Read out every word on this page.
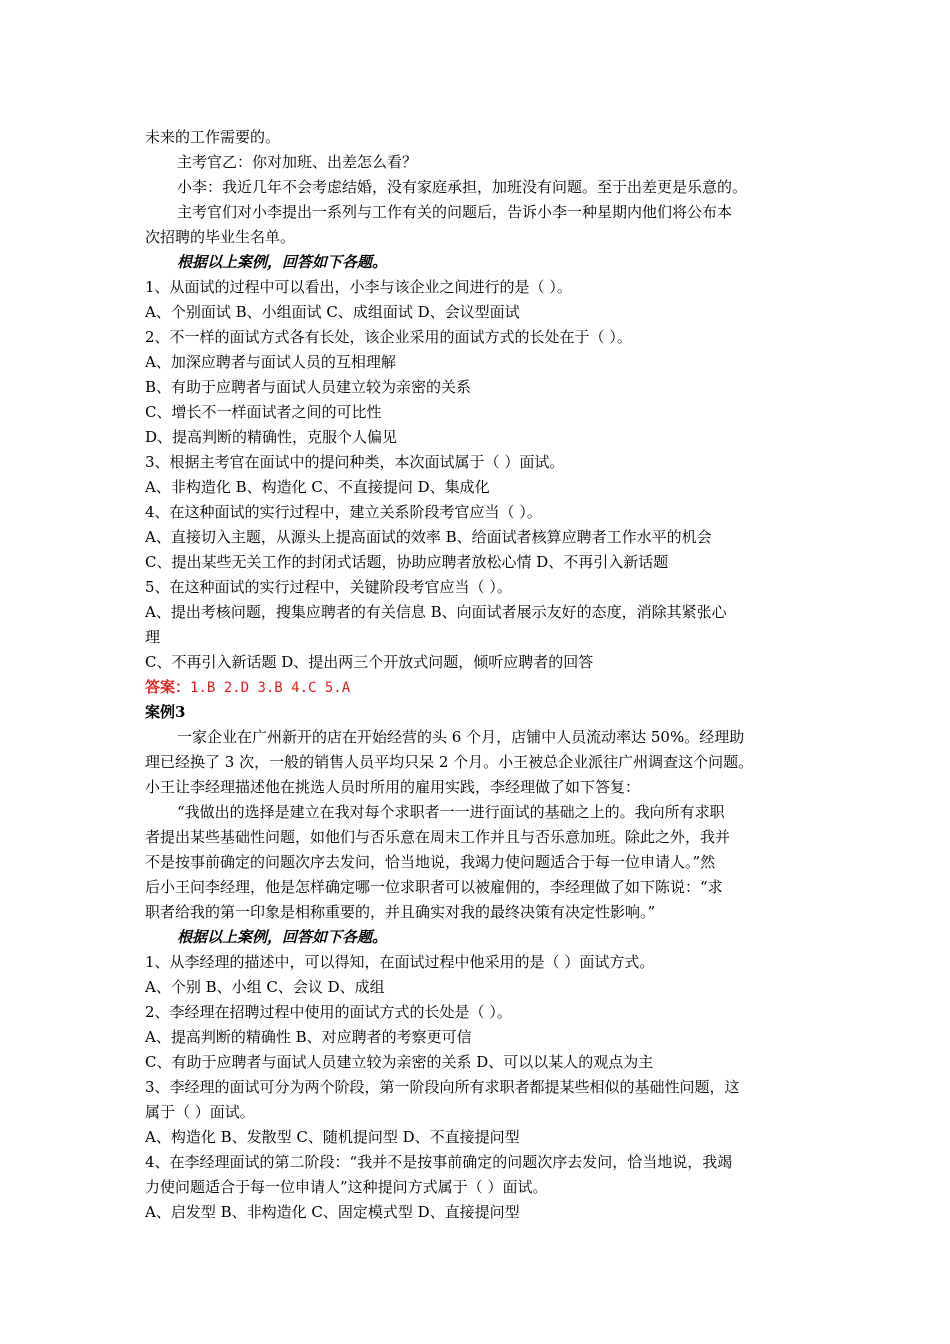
未来的工作需要的。
主考官乙：你对加班、出差怎么看？
小李：我近几年不会考虑结婚，没有家庭承担，加班没有问题。至于出差更是乐意的。
主考官们对小李提出一系列与工作有关的问题后，告诉小李一种星期内他们将公布本
次招聘的毕业生名单。
根据以上案例，回答如下各题。
1、从面试的过程中可以看出，小李与该企业之间进行的是（ ）。
A、个别面试 B、小组面试 C、成组面试 D、会议型面试
2、不一样的面试方式各有长处，该企业采用的面试方式的长处在于（ ）。
A、加深应聘者与面试人员的互相理解
B、有助于应聘者与面试人员建立较为亲密的关系
C、增长不一样面试者之间的可比性
D、提高判断的精确性，克服个人偏见
3、根据主考官在面试中的提问种类，本次面试属于（ ）面试。
A、非构造化 B、构造化 C、不直接提问 D、集成化
4、在这种面试的实行过程中，建立关系阶段考官应当（ ）。
A、直接切入主题，从源头上提高面试的效率 B、给面试者核算应聘者工作水平的机会
C、提出某些无关工作的封闭式话题，协助应聘者放松心情 D、不再引入新话题
5、在这种面试的实行过程中，关键阶段考官应当（ ）。
A、提出考核问题，搜集应聘者的有关信息 B、向面试者展示友好的态度，消除其紧张心
理
C、不再引入新话题 D、提出两三个开放式问题，倾听应聘者的回答
答案：1.B 2.D 3.B 4.C 5.A
案例3
一家企业在广州新开的店在开始经营的头 6 个月，店铺中人员流动率达 50%。经理助
理已经换了 3 次，一般的销售人员平均只呆 2 个月。小王被总企业派往广州调查这个问题。
小王让李经理描述他在挑选人员时所用的雇用实践，李经理做了如下答复：
“我做出的选择是建立在我对每个求职者一一进行面试的基础之上的。我向所有求职
者提出某些基础性问题，如他们与否乐意在周末工作并且与否乐意加班。除此之外，我并
不是按事前确定的问题次序去发问，恰当地说，我竭力使问题适合于每一位申请人。”然
后小王问李经理，他是怎样确定哪一位求职者可以被雇佣的，李经理做了如下陈说：“求
职者给我的第一印象是相称重要的，并且确实对我的最终决策有决定性影响。”
根据以上案例，回答如下各题。
1、从李经理的描述中，可以得知，在面试过程中他采用的是（ ）面试方式。
A、个别 B、小组 C、会议 D、成组
2、李经理在招聘过程中使用的面试方式的长处是（ ）。
A、提高判断的精确性 B、对应聘者的考察更可信
C、有助于应聘者与面试人员建立较为亲密的关系 D、可以以某人的观点为主
3、李经理的面试可分为两个阶段，第一阶段向所有求职者都提某些相似的基础性问题，这
属于（ ）面试。
A、构造化 B、发散型 C、随机提问型 D、不直接提问型
4、在李经理面试的第二阶段：“我并不是按事前确定的问题次序去发问，恰当地说，我竭
力使问题适合于每一位申请人”这种提问方式属于（ ）面试。
A、启发型 B、非构造化 C、固定模式型 D、直接提问型
